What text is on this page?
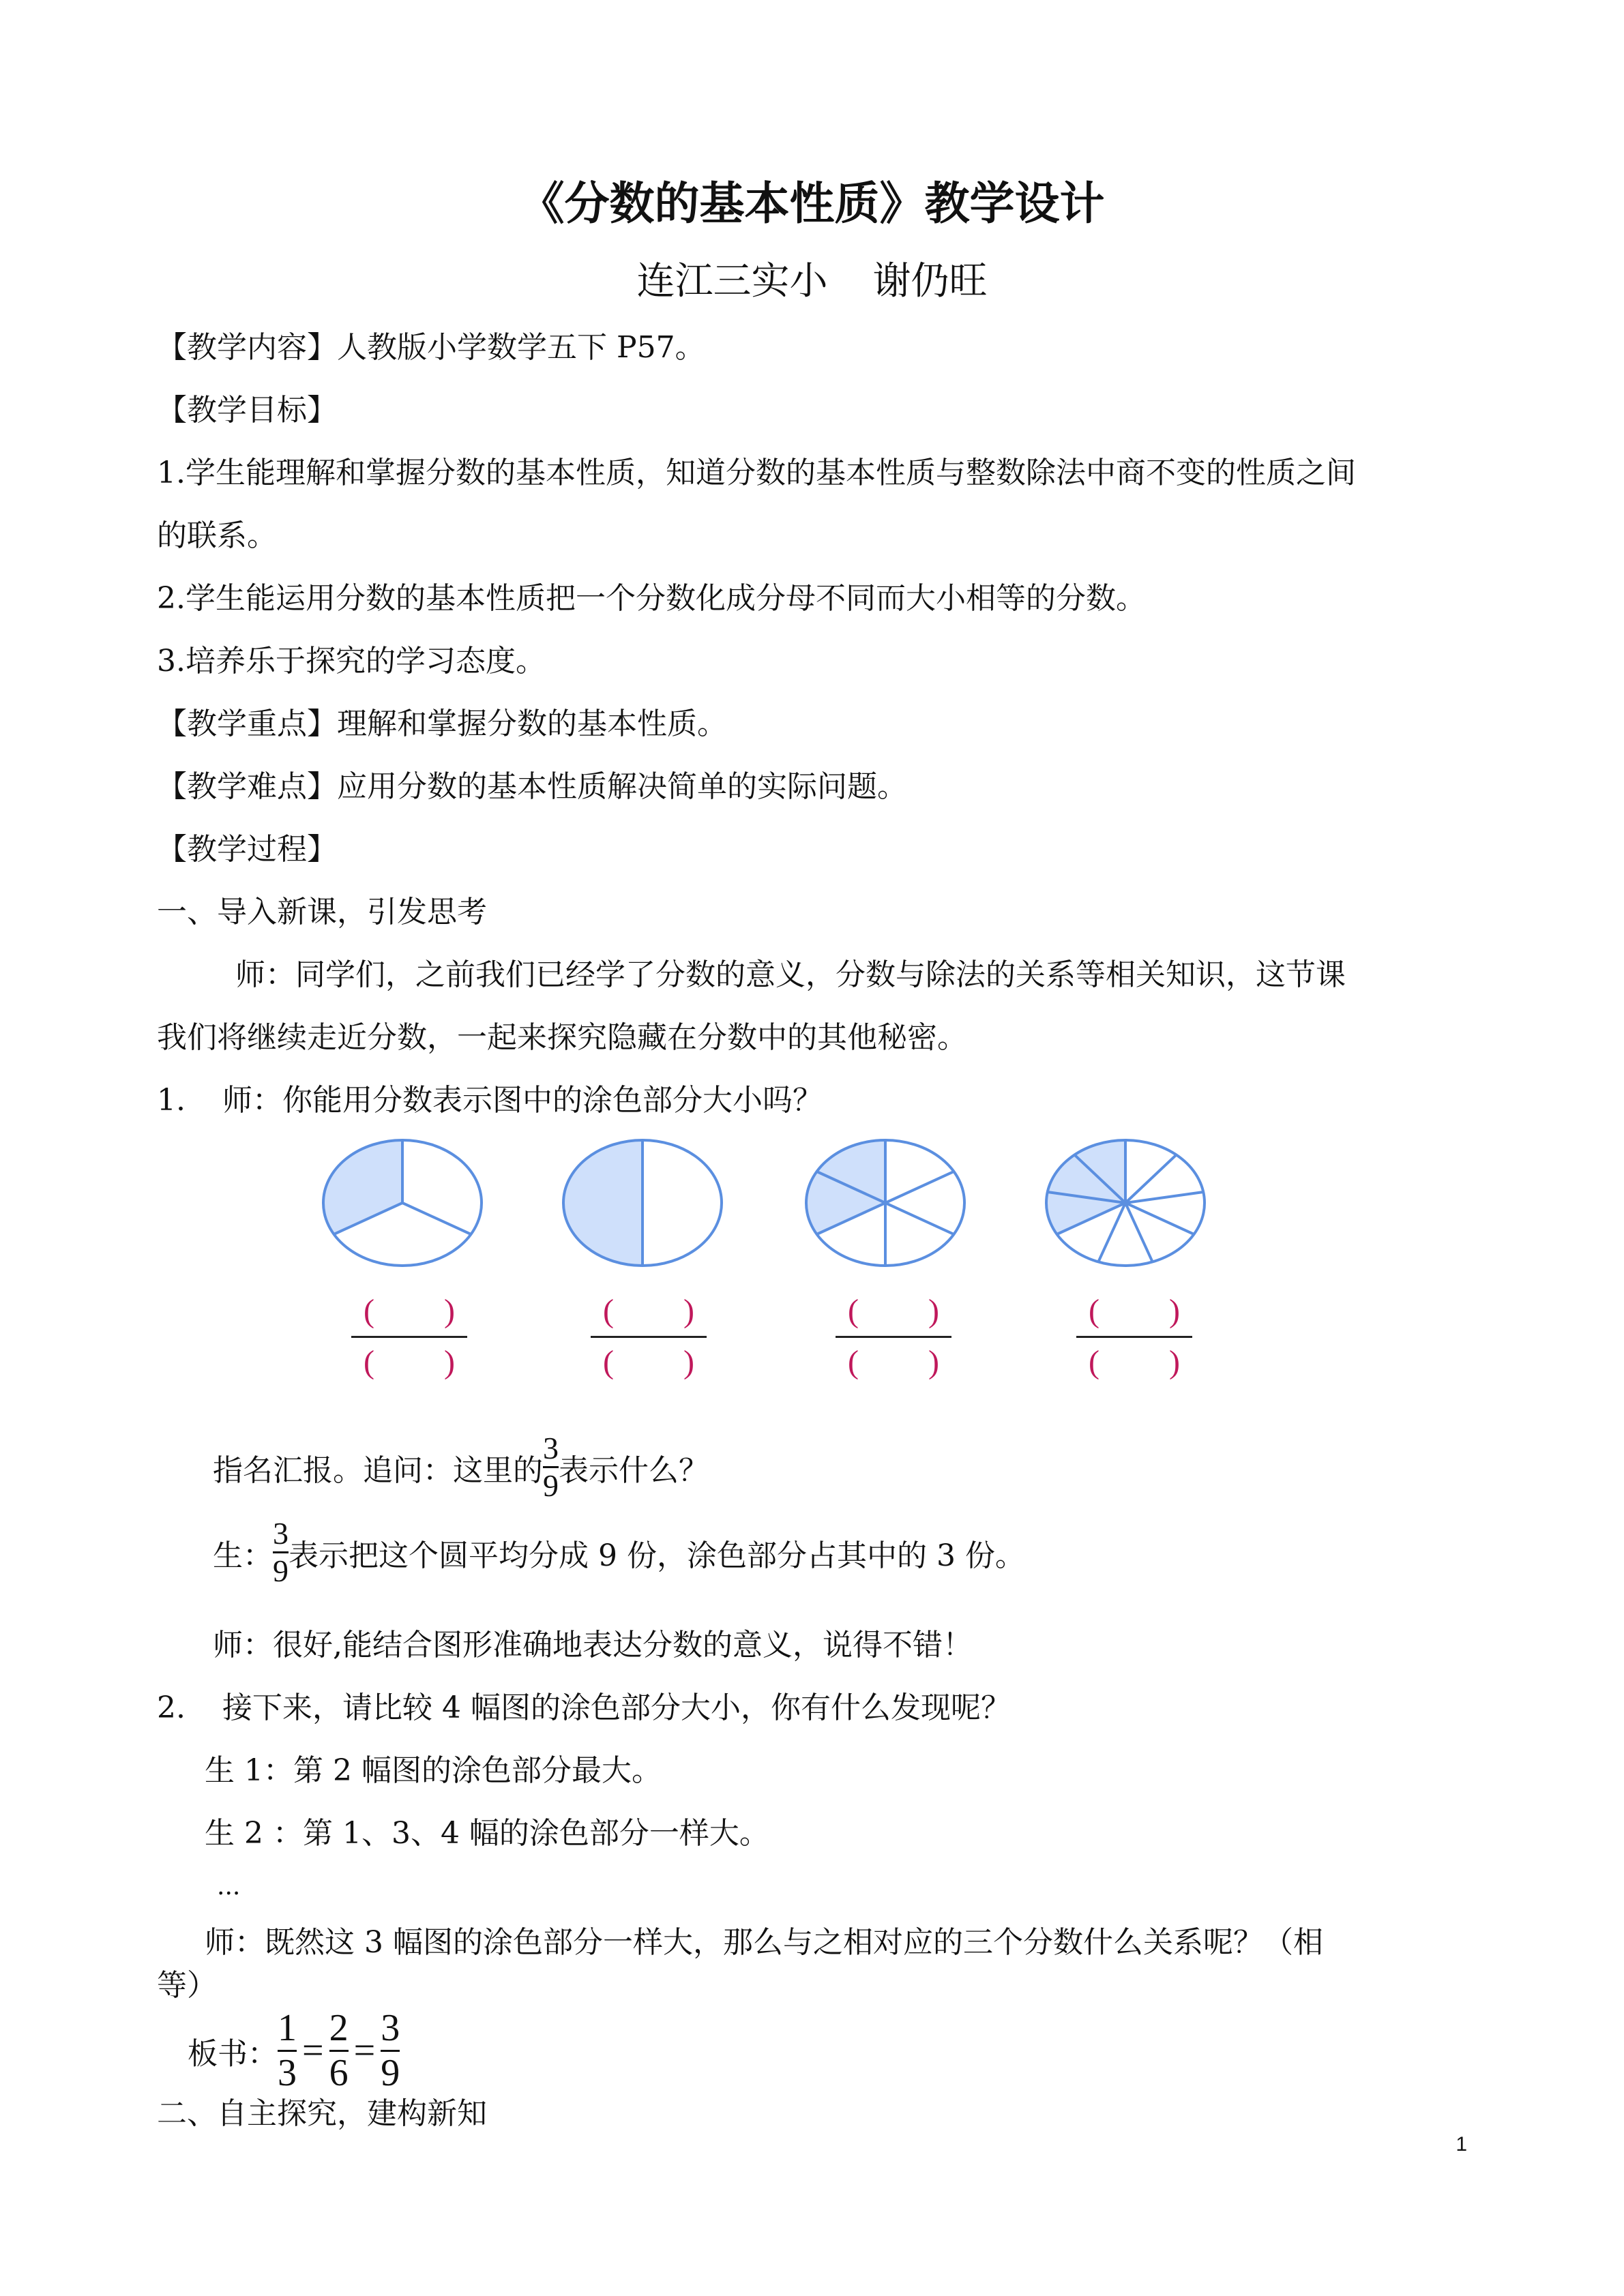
《分数的基本性质》教学设计
连江三实小 谢仍旺
【教学内容】人教版小学数学五下 P57。
【教学目标】
1.学生能理解和掌握分数的基本性质，知道分数的基本性质与整数除法中商不变的性质之间
的联系。
2.学生能运用分数的基本性质把一个分数化成分母不同而大小相等的分数。
3.培养乐于探究的学习态度。
【教学重点】理解和掌握分数的基本性质。
【教学难点】应用分数的基本性质解决简单的实际问题。
【教学过程】
一、导入新课，引发思考
师：同学们，之前我们已经学了分数的意义，分数与除法的关系等相关知识，这节课
我们将继续走近分数，一起来探究隐藏在分数中的其他秘密。
1. 师：你能用分数表示图中的涂色部分大小吗？
( )
( )
( )
( )
( )
( )
( )
( )
指名汇报。追问：这里的 $\frac{3}{9}$ 表示什么？
生： $\frac{3}{9}$ 表示把这个圆平均分成 9 份，涂色部分占其中的 3 份。
师：很好,能结合图形准确地表达分数的意义，说得不错！
2. 接下来，请比较 4 幅图的涂色部分大小，你有什么发现呢？
生 1：第 2 幅图的涂色部分最大。
生 2 ：第 1、3、4 幅的涂色部分一样大。
...
师：既然这 3 幅图的涂色部分一样大，那么与之相对应的三个分数什么关系呢？（相
等）
板书： $\frac{1}{3} = \frac{2}{6} = \frac{3}{9}$
二、自主探究，建构新知
1
